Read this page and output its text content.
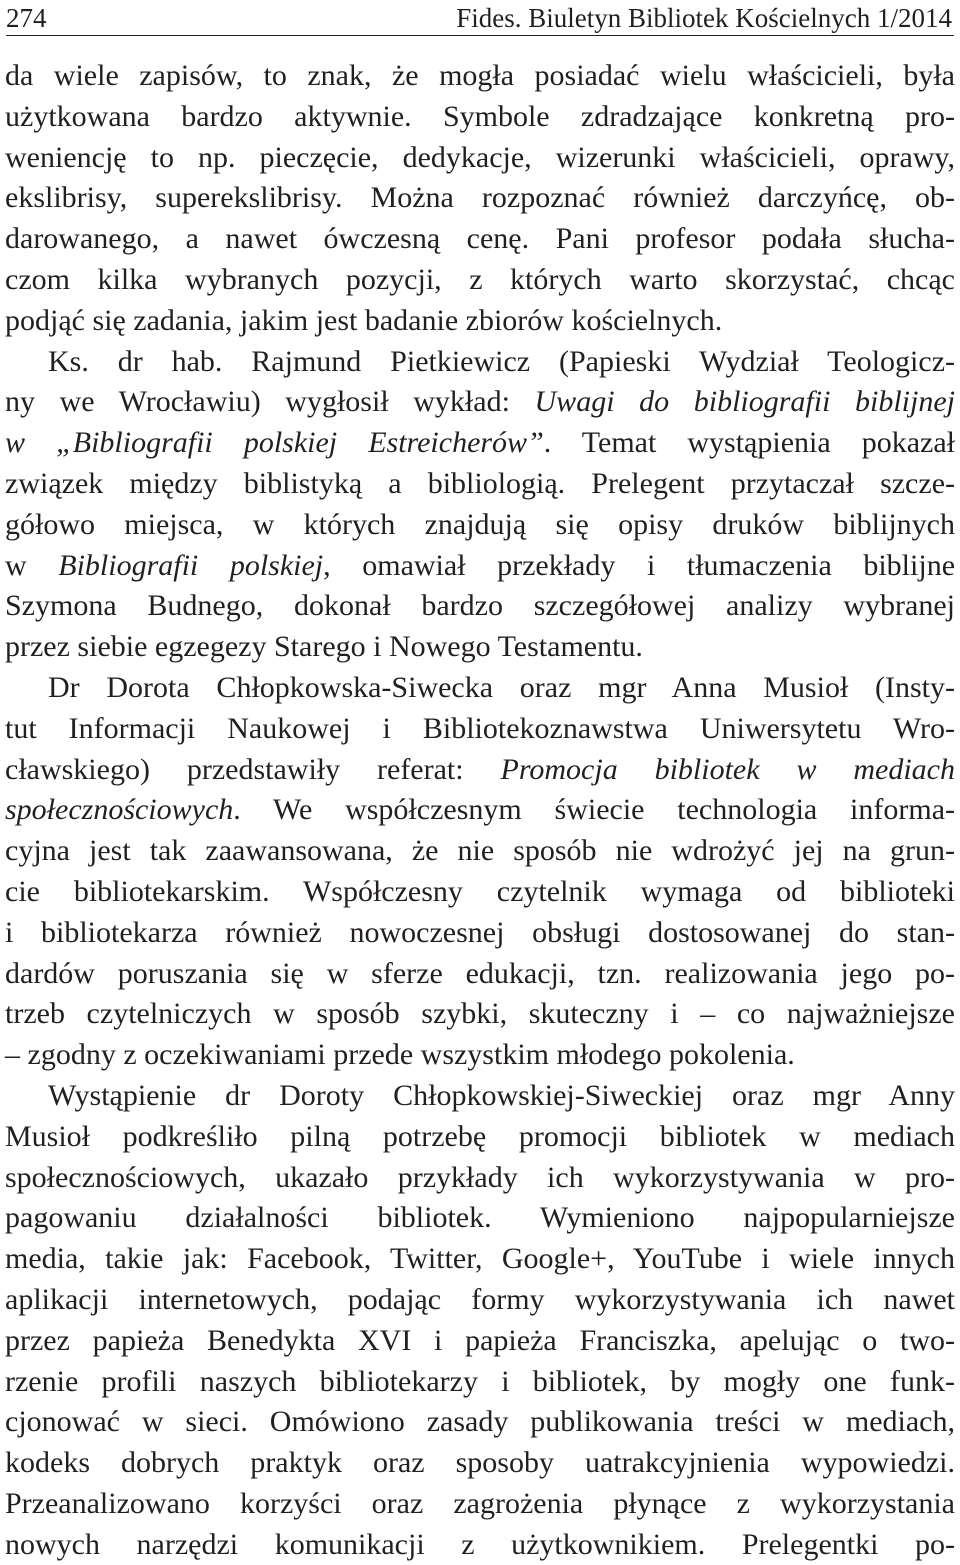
274	Fides. Biuletyn Bibliotek Kościelnych 1/2014
da wiele zapisów, to znak, że mogła posiadać wielu właścicieli, była
użytkowana bardzo aktywnie. Symbole zdradzające konkretną pro-
weniencję to np. pieczęcie, dedykacje, wizerunki właścicieli, oprawy,
ekslibrisy, superekslibrisy. Można rozpoznać również darczyńcę, ob-
darowanego, a nawet ówczesną cenę. Pani profesor podała słucha-
czom kilka wybranych pozycji, z których warto skorzystać, chcąc
podjąć się zadania, jakim jest badanie zbiorów kościelnych.
Ks. dr hab. Rajmund Pietkiewicz (Papieski Wydział Teologicz-
ny we Wrocławiu) wygłosił wykład: Uwagi do bibliografii biblijnej
w „Bibliografii polskiej Estreicherów”. Temat wystąpienia pokazał
związek między biblistyką a bibliologią. Prelegent przytaczał szcze-
gółowo miejsca, w których znajdują się opisy druków biblijnych
w Bibliografii polskiej, omawiał przekłady i tłumaczenia biblijne
Szymona Budnego, dokonał bardzo szczegółowej analizy wybranej
przez siebie egzegezy Starego i Nowego Testamentu.
Dr Dorota Chłopkowska-Siwecka oraz mgr Anna Musioł (Insty-
tut Informacji Naukowej i Bibliotekoznawstwa Uniwersytetu Wro-
cławskiego) przedstawiły referat: Promocja bibliotek w mediach
społecznościowych. We współczesnym świecie technologia informa-
cyjna jest tak zaawansowana, że nie sposób nie wdrożyć jej na grun-
cie bibliotekarskim. Współczesny czytelnik wymaga od biblioteki
i bibliotekarza również nowoczesnej obsługi dostosowanej do stan-
dardów poruszania się w sferze edukacji, tzn. realizowania jego po-
trzeb czytelniczych w sposób szybki, skuteczny i – co najważniejsze
– zgodny z oczekiwaniami przede wszystkim młodego pokolenia.
Wystąpienie dr Doroty Chłopkowskiej-Siweckiej oraz mgr Anny
Musioł podkreśliło pilną potrzebę promocji bibliotek w mediach
społecznościowych, ukazało przykłady ich wykorzystywania w pro-
pagowaniu działalności bibliotek. Wymieniono najpopularniejsze
media, takie jak: Facebook, Twitter, Google+, YouTube i wiele innych
aplikacji internetowych, podając formy wykorzystywania ich nawet
przez papieża Benedykta XVI i papieża Franciszka, apelując o two-
rzenie profili naszych bibliotekarzy i bibliotek, by mogły one funk-
cjonować w sieci. Omówiono zasady publikowania treści w mediach,
kodeks dobrych praktyk oraz sposoby uatrakcyjnienia wypowiedzi.
Przeanalizowano korzyści oraz zagrożenia płynące z wykorzystania
nowych narzędzi komunikacji z użytkownikiem. Prelegentki po-
